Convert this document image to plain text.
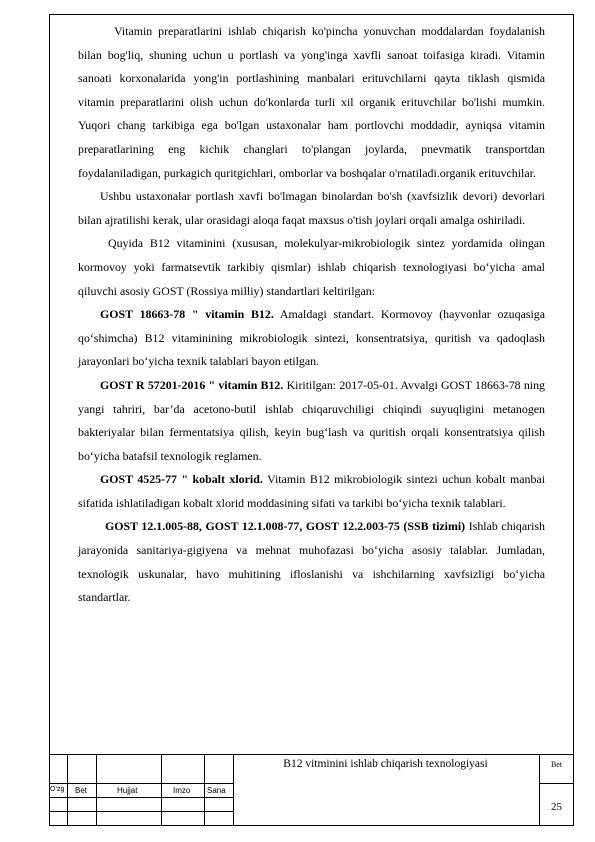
Vitamin preparatlarini ishlab chiqarish ko'pincha yonuvchan moddalardan foydalanish bilan bog'liq, shuning uchun u portlash va yong'inga xavfli sanoat toifasiga kiradi. Vitamin sanoati korxonalarida yong'in portlashining manbalari erituvchilarni qayta tiklash qismida vitamin preparatlarini olish uchun do'konlarda turli xil organik erituvchilar bo'lishi mumkin. Yuqori chang tarkibiga ega bo'lgan ustaxonalar ham portlovchi moddadir, ayniqsa vitamin preparatlarining eng kichik changlari to'plangan joylarda, pnevmatik transportdan foydalaniladigan, purkagich quritgichlari, omborlar va boshqalar o'rnatiladi.organik erituvchilar.

Ushbu ustaxonalar portlash xavfi bo'lmagan binolardan bo'sh (xavfsizlik devori) devorlari bilan ajratilishi kerak, ular orasidagi aloqa faqat maxsus o'tish joylari orqali amalga oshiriladi.

Quyida B12 vitaminini (xususan, molekulyar-mikrobiologik sintez yordamida olingan kormovoy yoki farmatsevtik tarkibiy qismlar) ishlab chiqarish texnologiyasi bo‘yicha amal qiluvchi asosiy GOST (Rossiya milliy) standartlari keltirilgan:

GOST 18663-78 " vitamin B12. Amaldagi standart. Kormovoy (hayvonlar ozuqasiga qo‘shimcha) B12 vitaminining mikrobiologik sintezi, konsentratsiya, quritish va qadoqlash jarayonlari bo‘yicha texnik talablari bayon etilgan.

GOST R 57201-2016 " vitamin B12. Kiritilgan: 2017-05-01. Avvalgi GOST 18663-78 ning yangi tahriri, bar’da acetono-butil ishlab chiqaruvchiligi chiqindi suyuqligini metanogen bakteriyalar bilan fermentatsiya qilish, keyin bug‘lash va quritish orqali konsentratsiya qilish bo‘yicha batafsil texnologik reglamen.

GOST 4525-77 " kobalt xlorid. Vitamin B12 mikrobiologik sintezi uchun kobalt manbai sifatida ishlatiladigan kobalt xlorid moddasining sifati va tarkibi bo‘yicha texnik talablari.

GOST 12.1.005-88, GOST 12.1.008-77, GOST 12.2.003-75 (SSB tizimi) Ishlab chiqarish jarayonida sanitariya-gigiyena va mehnat muhofazasi bo‘yicha asosiy talablar. Jumladan, texnologik uskunalar, havo muhitining ifloslanishi va ishchilarning xavfsizligi bo‘yicha standartlar.

O‘zg Bet	Hujjat	Imzo Sana
B12 vitminini ishlab chiqarish texnologiyasi	Bet
25
